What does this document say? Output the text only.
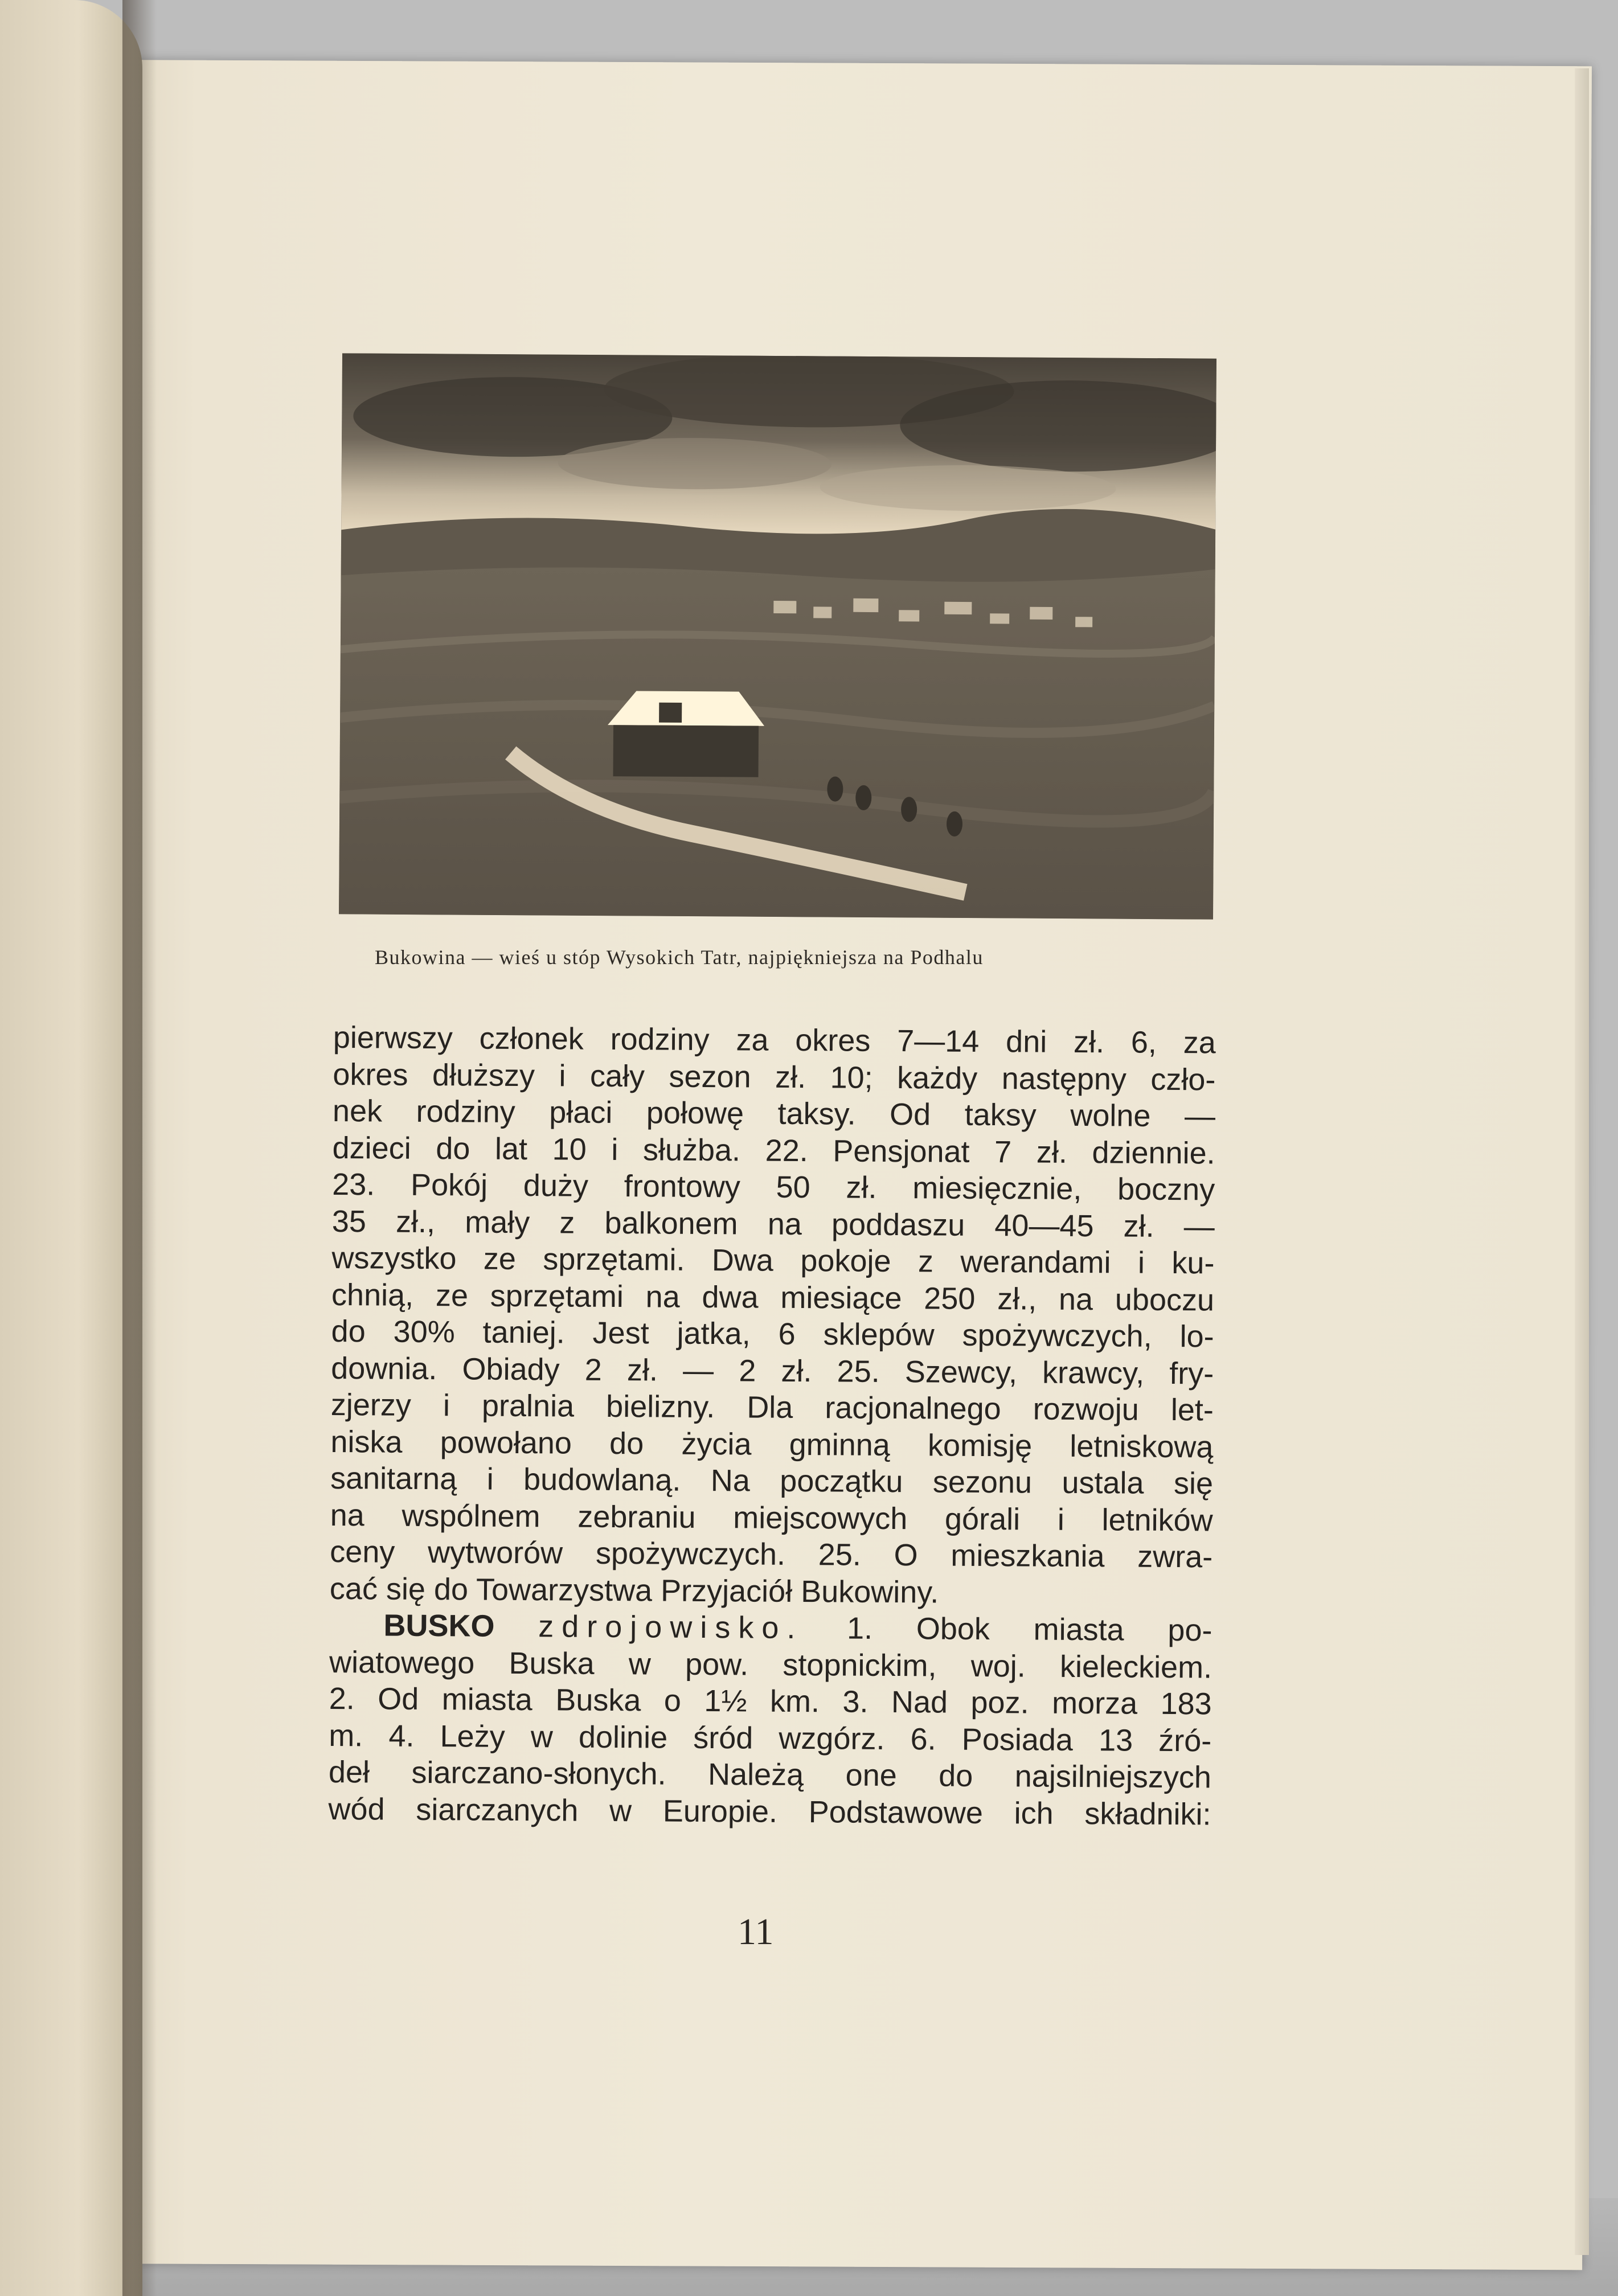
Bukowina — wieś u stóp Wysokich Tatr, najpiękniejsza na Podhalu
pierwszy członek rodziny za okres 7—14 dni zł. 6, za
okres dłuższy i cały sezon zł. 10; każdy następny czło-
nek rodziny płaci połowę taksy. Od taksy wolne —
dzieci do lat 10 i służba. 22. Pensjonat 7 zł. dziennie.
23. Pokój duży frontowy 50 zł. miesięcznie, boczny
35 zł., mały z balkonem na poddaszu 40—45 zł. —
wszystko ze sprzętami. Dwa pokoje z werandami i ku-
chnią, ze sprzętami na dwa miesiące 250 zł., na uboczu
do 30% taniej. Jest jatka, 6 sklepów spożywczych, lo-
downia. Obiady 2 zł. — 2 zł. 25. Szewcy, krawcy, fry-
zjerzy i pralnia bielizny. Dla racjonalnego rozwoju let-
niska powołano do życia gminną komisję letniskową
sanitarną i budowlaną. Na początku sezonu ustala się
na wspólnem zebraniu miejscowych górali i letników
ceny wytworów spożywczych. 25. O mieszkania zwra-
cać się do Towarzystwa Przyjaciół Bukowiny.
BUSKO zdrojowisko. 1. Obok miasta po-
wiatowego Buska w pow. stopnickim, woj. kieleckiem.
2. Od miasta Buska o 1½ km. 3. Nad poz. morza 183
m. 4. Leży w dolinie śród wzgórz. 6. Posiada 13 źró-
deł siarczano-słonych. Należą one do najsilniejszych
wód siarczanych w Europie. Podstawowe ich składniki:
11
